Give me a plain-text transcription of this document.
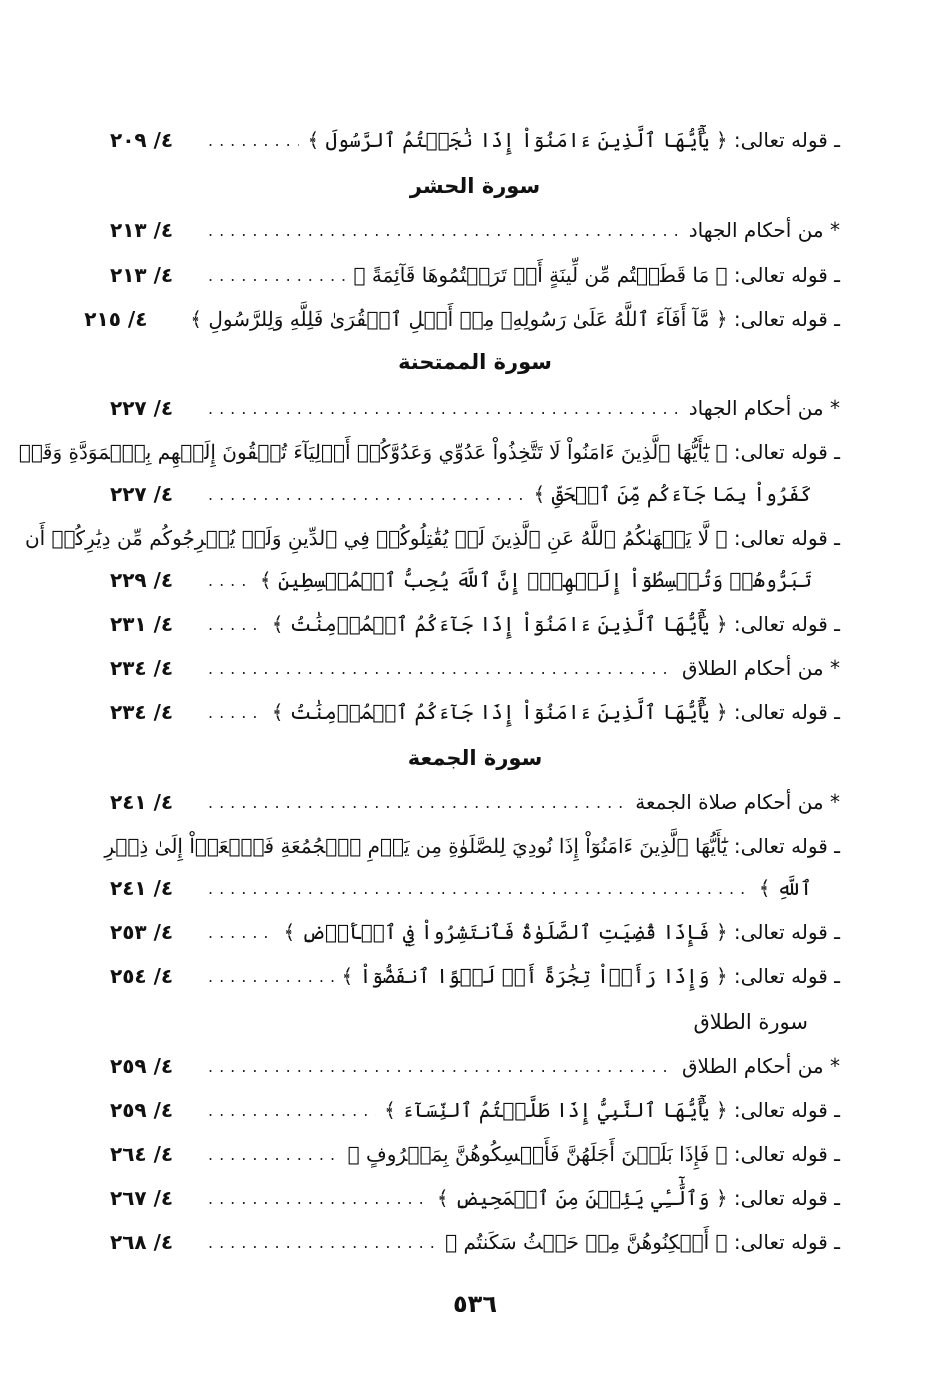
ـ قوله تعالى:

﴿ يَٰٓأَيُّهَا ٱلَّذِينَ ءَامَنُوٓاْ إِذَا نَٰجَيۡتُمُ ٱلرَّسُولَ ﴾
.....
٤/ ٢٠٩
سورة الحشر
* من أحكام الجهاد
.....
٤/ ٢١٣
ـ قوله تعالى:

﴿ مَا قَطَعۡتُم مِّن لِّينَةٍ أَوۡ تَرَكۡتُمُوهَا قَآئِمَةً ﴾
.....
٤/ ٢١٣
ـ قوله تعالى:

﴿ مَّآ أَفَآءَ ٱللَّهُ عَلَىٰ رَسُولِهِۦ مِنۡ أَهۡلِ ٱلۡقُرَىٰ فَلِلَّهِ وَلِلرَّسُولِ ﴾
٤/ ٢١٥
سورة الممتحنة
* من أحكام الجهاد
.....
٤/ ٢٢٧
ـ قوله تعالى:

﴿ يَٰٓأَيُّهَا ٱلَّذِينَ ءَامَنُواْ لَا تَتَّخِذُواْ عَدُوِّي وَعَدُوَّكُمۡ أَوۡلِيَآءَ تُلۡقُونَ إِلَيۡهِم بِٱلۡمَوَدَّةِ وَقَدۡ
كَفَرُواْ بِمَا جَآءَكُم مِّنَ ٱلۡحَقِّ ﴾
.....
٤/ ٢٢٧
ـ قوله تعالى:

﴿ لَّا يَنۡهَىٰكُمُ ٱللَّهُ عَنِ ٱلَّذِينَ لَمۡ يُقَٰتِلُوكُمۡ فِي ٱلدِّينِ وَلَمۡ يُخۡرِجُوكُم مِّن دِيَٰرِكُمۡ أَن
تَبَرُّوهُمۡ وَتُقۡسِطُوٓاْ إِلَيۡهِمۡۚ إِنَّ ٱللَّهَ يُحِبُّ ٱلۡمُقۡسِطِينَ ﴾
.....
٤/ ٢٢٩
ـ قوله تعالى:

﴿ يَٰٓأَيُّهَا ٱلَّذِينَ ءَامَنُوٓاْ إِذَا جَآءَكُمُ ٱلۡمُؤۡمِنَٰتُ ﴾
.....
٤/ ٢٣١
* من أحكام الطلاق
.....
٤/ ٢٣٤
ـ قوله تعالى:

﴿ يَٰٓأَيُّهَا ٱلَّذِينَ ءَامَنُوٓاْ إِذَا جَآءَكُمُ ٱلۡمُؤۡمِنَٰتُ ﴾
.....
٤/ ٢٣٤
سورة الجمعة
* من أحكام صلاة الجمعة
.....
٤/ ٢٤١
ـ قوله تعالى:

يَٰٓأَيُّهَا ٱلَّذِينَ ءَامَنُوٓاْ إِذَا نُودِيَ لِلصَّلَوٰةِ مِن يَوۡمِ ٱلۡجُمُعَةِ فَٱسۡعَوۡاْ إِلَىٰ ذِكۡرِ
ٱللَّهِ ﴾
.....
٤/ ٢٤١
ـ قوله تعالى:

﴿ فَإِذَا قُضِيَتِ ٱلصَّلَوٰةُ فَٱنتَشِرُواْ فِي ٱلۡأَرۡضِ ﴾
.....
٤/ ٢٥٣
ـ قوله تعالى:

﴿ وَإِذَا رَأَوۡاْ تِجَٰرَةً أَوۡ لَهۡوًا ٱنفَضُّوٓاْ ﴾
.....
٤/ ٢٥٤
سورة الطلاق
* من أحكام الطلاق
.....
٤/ ٢٥٩
ـ قوله تعالى:

﴿ يَٰٓأَيُّهَا ٱلنَّبِيُّ إِذَا طَلَّقۡتُمُ ٱلنِّسَآءَ ﴾
.....
٤/ ٢٥٩
ـ قوله تعالى:

﴿ فَإِذَا بَلَغۡنَ أَجَلَهُنَّ فَأَمۡسِكُوهُنَّ بِمَعۡرُوفٍ ﴾
.....
٤/ ٢٦٤
ـ قوله تعالى:

﴿ وَٱلَّٰٓـِٔي يَئِسۡنَ مِنَ ٱلۡمَحِيضِ ﴾
.....
٤/ ٢٦٧
ـ قوله تعالى:

﴿ أَسۡكِنُوهُنَّ مِنۡ حَيۡثُ سَكَنتُم ﴾
.....
٤/ ٢٦٨
٥٣٦
